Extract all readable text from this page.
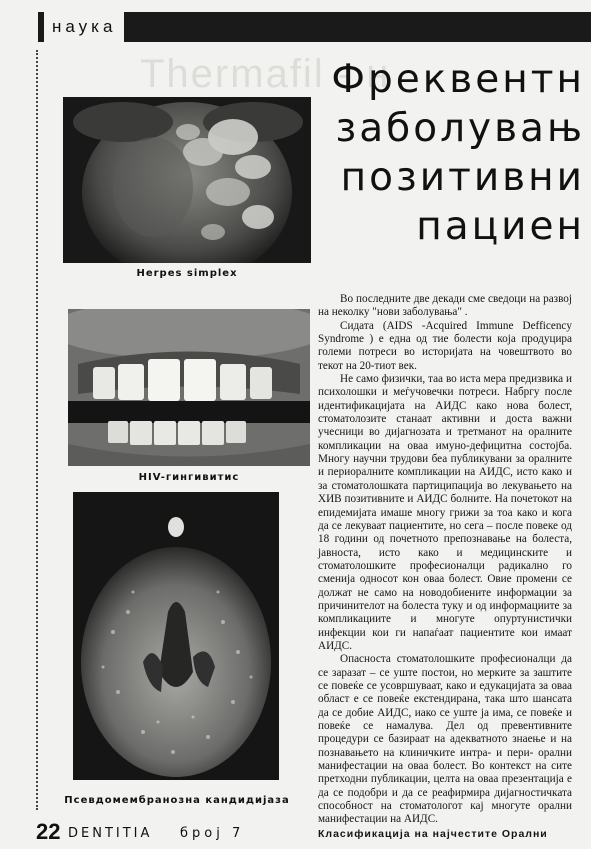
наука
Thermafil - н
Фреквентн
заболувањ
позитивни
пациен
Herpes simplex
HIV-гингивитис
Псевдомембранозна кандидијаза

Во последните две декади сме сведоци на развој на неколку "нови заболувања" .

Сидата (AIDS -Acquired Immune Defficency Syndrome ) е една од тие болести која продуцира големи потреси во историјата на човештвото во текот на 20-тиот век.

Не само физички, таа во иста мера предизвика и психолошки и меѓучовечки потреси. Набргу после идентификацијата на АИДС како нова болест, стоматолозите станаат активни и доста важни учесници во дијагнозата и третманот на оралните компликации на оваа имуно-дефицитна состојба. Многу научни трудови беа публикувани за оралните и периоралните компликации на АИДС, исто како и за стоматолошката партиципација во лекувањето на ХИВ позитивните и АИДС болните. На почетокот на епидемијата имаше многу грижи за тоа како и кога да се лекуваат пациентите, но сега – после повеке од 18 години од почетното препознавање на болеста, јавноста, исто како и медицинските и стоматолошките професионалци радикално го сменија односот кон оваа болест. Овие промени се должат не само на новодобиените информации за причинителот на болеста туку и од информациите за компликациите и многуте опуртунистички инфекции кои ги напаѓаат пациентите кои имаат АИДС.

Опасноста стоматолошките професионалци да се заразат – се уште постои, но мерките за заштите се повеќе се усовршуваат, како и едукацијата за оваа област е се повеќе екстендирана, така што шансата да се добие АИДС, иако се уште ја има, се повеќе и повеќе се намалува. Дел од превентивните процедури се базираат на адекватното знаење и на познавањето на клиничките интра- и пери- орални манифестации на оваа болест. Во контекст на сите претходни публикации, целта на оваа презентација е да се подобри и да се реафирмира дијагностичката способност на стоматологот кај многуте орални манифестации на АИДС.

Класификација на најчестите Орални

22 DENTITIA број 7
